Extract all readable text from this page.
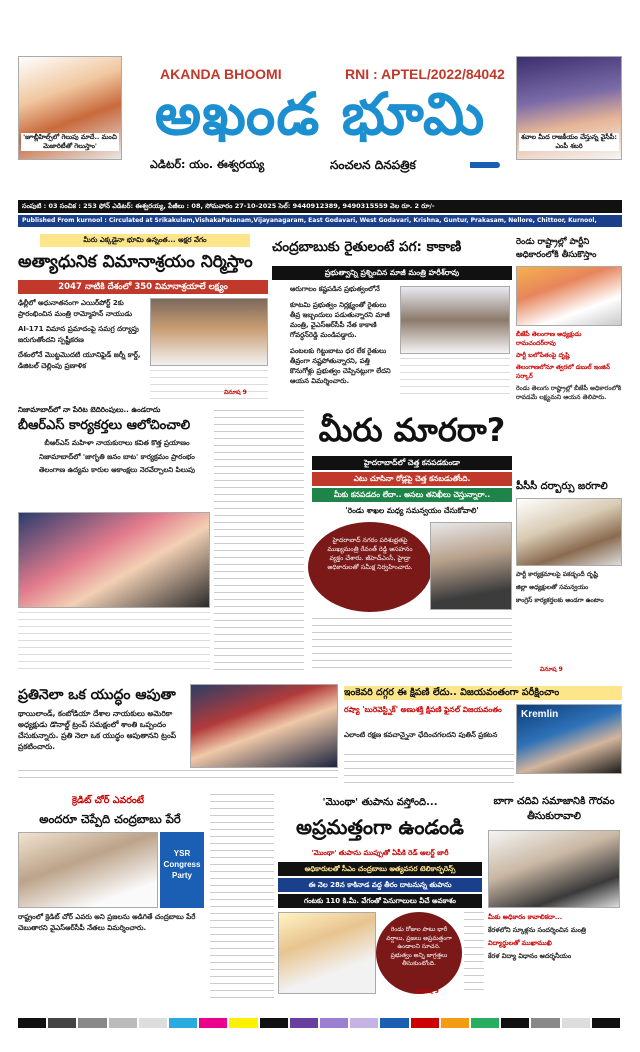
'జూబ్లీహిల్స్‌లో గెలుపు మాదే.. మంచి మెజారిటీతో గెలుస్తాం'
AKANDA BHOOMI	RNI : APTEL/2022/84042
అఖండ భూమి
ఎడిటర్: యం. ఈశ్వరయ్య	సంచలన దినపత్రిక
శవాల మీద రాజకీయం చేస్తున్న వైసీపీ: ఎంపీ శబరి
సంపుటి : 03 సంచిక : 253 ఫోన్ ఎడిటర్: ఈశ్వరయ్య, పేజీలు : 08, సోమవారం 27-10-2025 సెల్: 9440912389, 9490315559 వెల రూ. 2 రూ/-
Published From kurnool : Circulated at Srikakulam,VishakaPatanam,Vijayanagaram, East Godavari, West Godavari, Krishna, Guntur, Prakasam, Nellore, Chittoor, Kurnool,
మీరు ఎక్కడైనా భూమి ఉన్నంత... అక్షర వేగం
అత్యాధునిక విమానాశ్రయం నిర్మిస్తాం
2047 నాటికి దేశంలో 350 విమానాశ్రయాలే లక్ష్యం
ఢిల్లీలో అధునాతనంగా ఎయిర్‌పోర్ట్ 2కు ప్రారంభించిన మంత్రి రామ్మోహన్ నాయుడు
AI-171 విమాన ప్రమాదంపై సమగ్ర దర్యాప్తు జరుగుతోందని స్పష్టీకరణ
దేశంలోనే మొట్టమొదటి యూనిఫైడ్ జర్నీ కార్డ్, డిజిటల్ చెల్లింపు ప్రణాళిక
చంద్రబాబుకు రైతులంటే పగ: కాకాణి
ప్రభుత్వాన్ని ప్రశ్నించిన మాజీ మంత్రి హరీశ్‌రావు
ఆరుగాలం కష్టపడిన ప్రభుత్వంలోనే
కూటమి ప్రభుత్వం నిర్లక్ష్యంతో రైతులు తీవ్ర ఇబ్బందులు పడుతున్నారని మాజీ మంత్రి, వైఎస్ఆర్‌సీపీ నేత కాకాణి గోవర్ధన్‌రెడ్డి మండిపడ్డారు.
పంటలకు గిట్టుబాటు ధర లేక రైతులు తీవ్రంగా నష్టపోతున్నారని, పత్తి కొనుగోళ్లు ప్రభుత్వం చెప్పినట్లుగా లేదని ఆయన విమర్శించారు.
రెండు రాష్ట్రాల్లో పార్టీని అధికారంలోకి తీసుకొస్తాం
బీజేపీ తెలంగాణ అధ్యక్షుడు రామచందర్‌రావు
పార్టీ బలోపేతంపై దృష్టి
తెలంగాణలోనూ త్వరలో డబుల్ ఇంజిన్ సర్కార్
రెండు తెలుగు రాష్ట్రాల్లో బీజేపీ అధికారంలోకి రావడమే లక్ష్యమని ఆయన తెలిపారు.
నిజామాబాద్‌లో నా పేరిట బెదిరింపులు.. ఉండరాదు
బీఆర్ఎస్ కార్యకర్తలు ఆలోచించాలి
బీఆర్‌ఎస్‌ మహిళా నాయకురాలు కవిత కొత్త ప్రయాణం
నిజామాబాద్‌లో 'జాగృతి జనం బాట' కార్యక్రమం ప్రారంభం
తెలంగాణ ఉద్యమ కారుల ఆకాంక్షలు నెరవేర్చాలని పిలుపు
మీరు మారరా?
హైదరాబాద్‌లో చెత్త కనపడకుండా
ఎటు చూసినా రోడ్లపై చెత్త కనబడుతోంది.
మీకు కనపడదం లేదా.. అసలు తనిఖీలు చెస్తున్నారా..
'రెండు శాఖల మధ్య సమన్వయం చేసుకోవాలి'
హైదరాబాద్ నగరం పరిశుభ్రతపై ముఖ్యమంత్రి రేవంత్ రెడ్డి అసహనం వ్యక్తం చేశారు. జీహెచ్ఎంసీ, హైడ్రా అధికారులతో సమీక్ష నిర్వహించారు.
పీసీసీ దర్బార్పు జరగాలి
పార్టీ కార్యక్రమాలపై పకడ్బందీ దృష్టి
జిల్లా అధ్యక్షులతో సమన్వయం
కాంగ్రెస్ కార్యకర్తలకు అండగా ఉంటాం
ప్రతినెలా ఒక యుద్ధం ఆపుతా
థాయిలాండ్, కంబోడియా దేశాల నాయకులు అమెరికా అధ్యక్షుడు డొనాల్డ్ ట్రంప్ సమక్షంలో శాంతి ఒప్పందం చేసుకున్నారు. ప్రతి నెలా ఒక యుద్ధం ఆపుతానని ట్రంప్ ప్రకటించారు.
ఇంకెవరి దగ్గర ఈ క్షిపణి లేదు.. విజయవంతంగా పరీక్షించాం
రష్యా 'బురెవెస్ట్నిక్' అణుశక్తి క్షిపణి ఫైనల్ విజయవంతం
ఎలాంటి రక్షణ కవచాన్నైనా ఛేదించగలదని పుతిన్ ప్రకటన
Kremlin
క్రెడిట్ చోర్ ఎవరంటే
అందరూ చెప్పేది చంద్రబాబు పేరే
YSR Congress Party
రాష్ట్రంలో క్రెడిట్ చోర్ ఎవరు అని ప్రజలను అడిగితే చంద్రబాబు పేరే చెబుతారని వైఎస్ఆర్‌సీపీ నేతలు విమర్శించారు.
'మొంథా' తుపాను వస్తోంది...
అప్రమత్తంగా ఉండండి
'మొంథా' తుపాను ముప్పుతో ఏపీకి రెడ్ అలర్ట్ జారీ
అధికారులతో సీఎం చంద్రబాబు అత్యవసర టెలికాన్ఫరెన్స్
ఈ నెల 28న కాకినాడ వద్ద తీరం దాటనున్న తుపాను
గంటకు 110 కి.మీ. వేగంతో పెనుగాలులు వీచే అవకాశం
రెండు రోజుల పాటు భారీ వర్షాలు, ప్రజలు అప్రమత్తంగా ఉండాలని సూచన. ప్రభుత్వం అన్ని జాగ్రత్తలు తీసుకుంటోంది.
బాగా చదివి సమాజానికి గౌరవం తీసుకురావాలి
మీకు అధికారం కావాలికదా...
కేరళలోని స్కూళ్లను సందర్శించిన మంత్రి
విద్యార్థులతో ముఖాముఖి
కేరళ విద్యా విధానం ఆదర్శనీయం
వినూష 9
వినూష 9
వినూష 9
